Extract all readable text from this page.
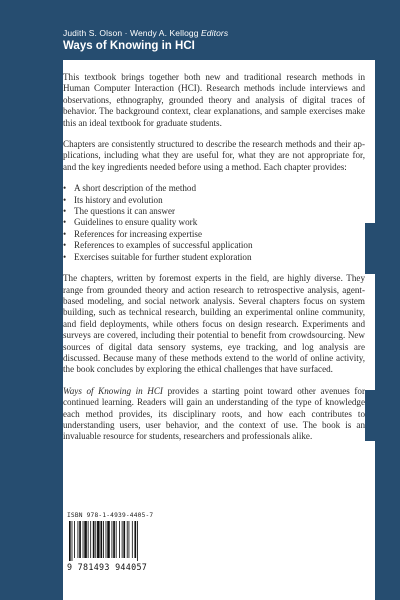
Judith S. Olson · Wendy A. Kellogg Editors
Ways of Knowing in HCI

This textbook brings together both new and traditional research methods in Human Computer Interaction (HCI). Research methods include interviews and observations, ethnography, grounded theory and analysis of digital traces of behavior. The background context, clear explanations, and sample exercises make this an ideal textbook for graduate students.

Chapters are consistently structured to describe the research methods and their applications, including what they are useful for, what they are not appropriate for, and the key ingredients needed before using a method. Each chapter provides:

• A short description of the method
• Its history and evolution
• The questions it can answer
• Guidelines to ensure quality work
• References for increasing expertise
• References to examples of successful application
• Exercises suitable for further student exploration

The chapters, written by foremost experts in the field, are highly diverse. They range from grounded theory and action research to retrospective analysis, agent-based modeling, and social network analysis. Several chapters focus on system building, such as technical research, building an experimental online community, and field deployments, while others focus on design research. Experiments and surveys are covered, including their potential to benefit from crowdsourcing. New sources of digital data sensory systems, eye tracking, and log analysis are discussed. Because many of these methods extend to the world of online activity, the book concludes by exploring the ethical challenges that have surfaced.

Ways of Knowing in HCI provides a starting point toward other avenues for continued learning. Readers will gain an understanding of the type of knowledge each method provides, its disciplinary roots, and how each contributes to understanding users, user behavior, and the context of use. The book is an invaluable resource for students, researchers and professionals alike.

Computer Science
ISBN 978-1-4939-4405-7
9 781493 944057
► springer.com
